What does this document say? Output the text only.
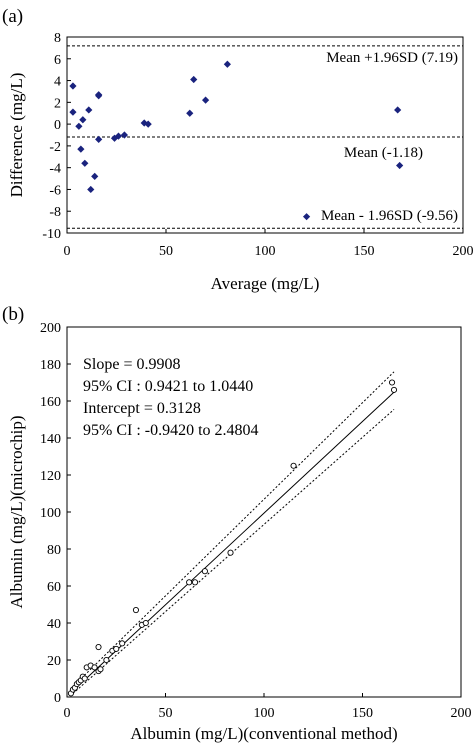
(a)
Difference (mg/L)
Average (mg/L)
-10
-8
-6
-4
-2
0
2
4
6
8
0	50	100	150	200
Mean +1.96SD (7.19)
Mean (-1.18)
Mean - 1.96SD (-9.56)
(b)
Albumin (mg/L)(microchip)
Albumin (mg/L)(conventional method)
0
20
40
60
80
100
120
140
160
180
200
0	50	100	150	200
Slope = 0.9908
95% CI : 0.9421 to 1.0440
Intercept = 0.3128
95% CI : -0.9420 to 2.4804
